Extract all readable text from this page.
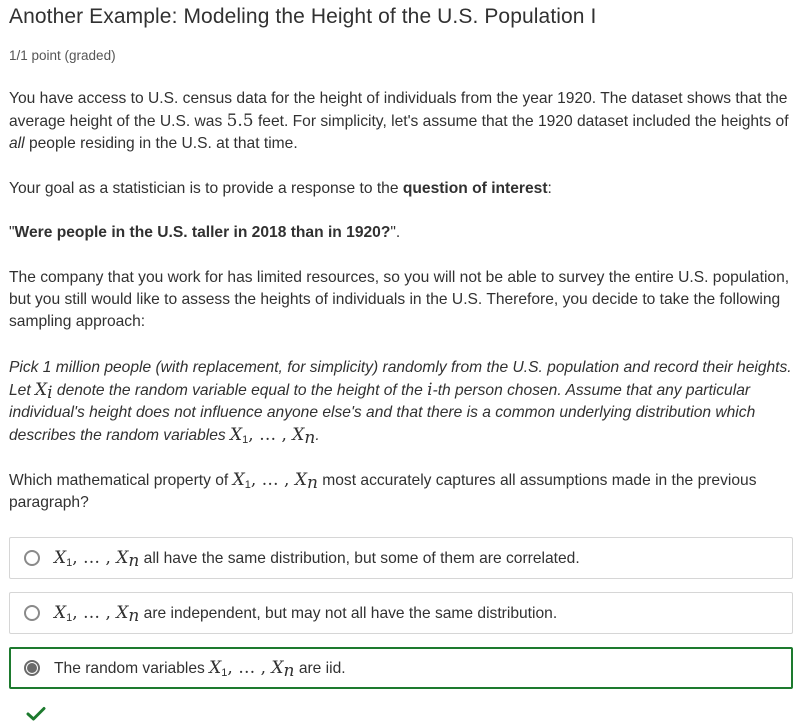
Another Example: Modeling the Height of the U.S. Population I
1/1 point (graded)

You have access to U.S. census data for the height of individuals from the year 1920. The dataset shows that the average height of the U.S. was 5.5 feet. For simplicity, let's assume that the 1920 dataset included the heights of all people residing in the U.S. at that time.

Your goal as a statistician is to provide a response to the question of interest:

"Were people in the U.S. taller in 2018 than in 1920?".

The company that you work for has limited resources, so you will not be able to survey the entire U.S. population, but you still would like to assess the heights of individuals in the U.S. Therefore, you decide to take the following sampling approach:

Pick 1 million people (with replacement, for simplicity) randomly from the U.S. population and record their heights. Let $X_i$ denote the random variable equal to the height of the i-th person chosen. Assume that any particular individual's height does not influence anyone else's and that there is a common underlying distribution which describes the random variables $X_1$, … , $X_n$.

Which mathematical property of $X_1$, … , $X_n$ most accurately captures all assumptions made in the previous paragraph?

$X_1$, … , $X_n$ all have the same distribution, but some of them are correlated.
$X_1$, … , $X_n$ are independent, but may not all have the same distribution.
The random variables $X_1$, … , $X_n$ are iid.
